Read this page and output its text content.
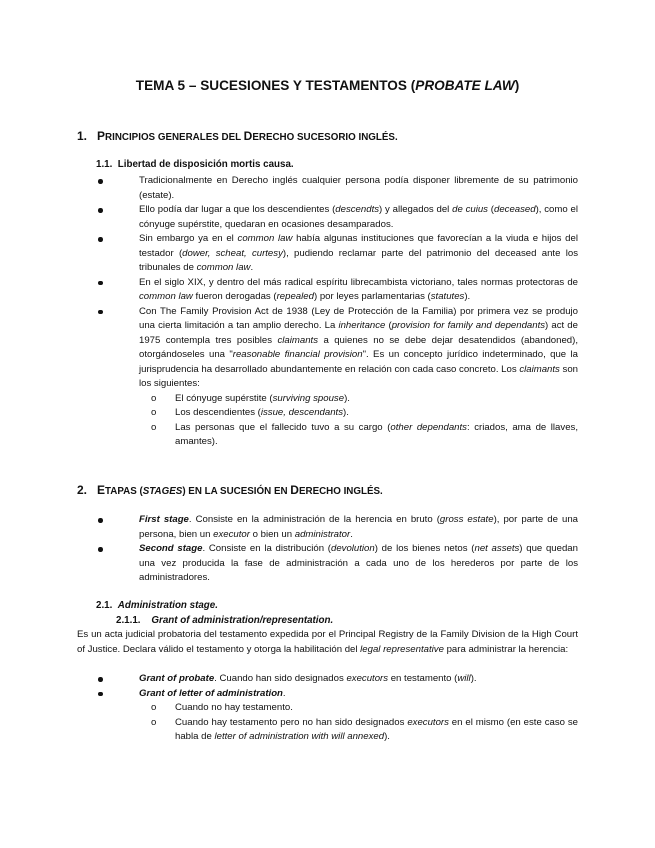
TEMA 5 – SUCESIONES Y TESTAMENTOS (PROBATE LAW)
1. PRINCIPIOS GENERALES DEL DERECHO SUCESORIO INGLÉS.
1.1. Libertad de disposición mortis causa.
Tradicionalmente en Derecho inglés cualquier persona podía disponer libremente de su patrimonio (estate).
Ello podía dar lugar a que los descendientes (descendts) y allegados del de cuius (deceased), como el cónyuge supérstite, quedaran en ocasiones desamparados.
Sin embargo ya en el common law había algunas instituciones que favorecían a la viuda e hijos del testador (dower, scheat, curtesy), pudiendo reclamar parte del patrimonio del deceased ante los tribunales de common law.
En el siglo XIX, y dentro del más radical espíritu librecambista victoriano, tales normas protectoras de common law fueron derogadas (repealed) por leyes parlamentarias (statutes).
Con The Family Provision Act de 1938 (Ley de Protección de la Familia) por primera vez se produjo una cierta limitación a tan amplio derecho. La inheritance (provision for family and dependants) act de 1975 contempla tres posibles claimants a quienes no se debe dejar desatendidos (abandoned), otorgándoseles una "reasonable financial provision". Es un concepto jurídico indeterminado, que la jurisprudencia ha desarrollado abundantemente en relación con cada caso concreto. Los claimants son los siguientes:
o	El cónyuge supérstite (surviving spouse).
o	Los descendientes (issue, descendants).
o	Las personas que el fallecido tuvo a su cargo (other dependants: criados, ama de llaves, amantes).
2. ETAPAS (STAGES) EN LA SUCESIÓN EN DERECHO INGLÉS.
First stage. Consiste en la administración de la herencia en bruto (gross estate), por parte de una persona, bien un executor o bien un administrator.
Second stage. Consiste en la distribución (devolution) de los bienes netos (net assets) que quedan una vez producida la fase de administración a cada uno de los herederos por parte de los administradores.
2.1. Administration stage.
2.1.1. Grant of administration/representation.
Es un acta judicial probatoria del testamento expedida por el Principal Registry de la Family Division de la High Court of Justice. Declara válido el testamento y otorga la habilitación del legal representative para administrar la herencia:
Grant of probate. Cuando han sido designados executors en testamento (will).
Grant of letter of administration.
o	Cuando no hay testamento.
o	Cuando hay testamento pero no han sido designados executors en el mismo (en este caso se habla de letter of administration with will annexed).
